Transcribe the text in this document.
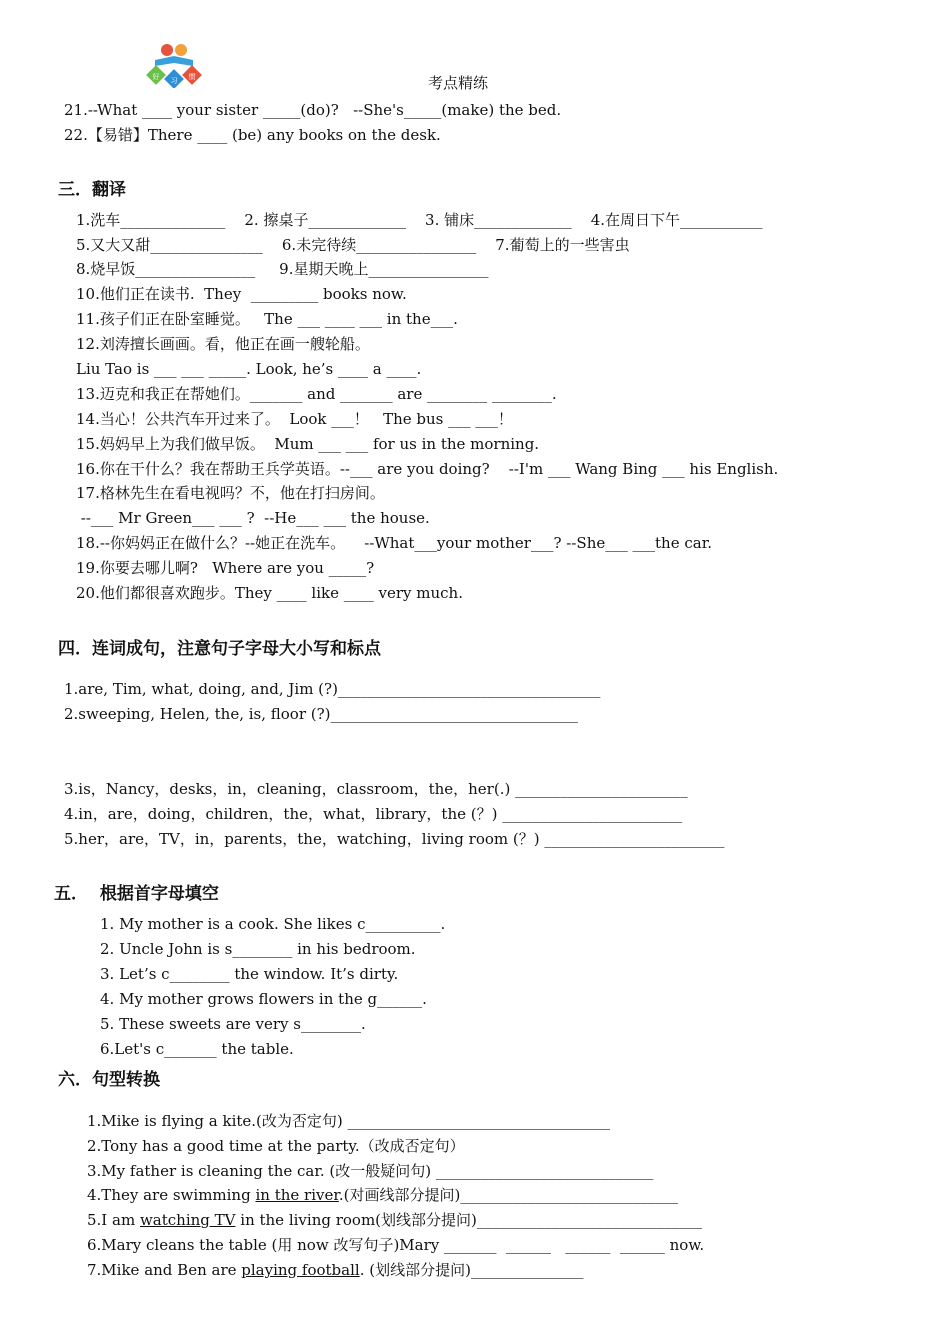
好 习 惯	考点精练
21.--What ____ your sister _____(do)?   --She's_____(make) the bed.
22.【易错】There ____ (be) any books on the desk.
三．翻译
1.洗车______________    2. 擦桌子_____________    3. 铺床_____________    4.在周日下午___________
5.又大又甜_______________    6.未完待续________________    7.葡萄上的一些害虫
8.烧早饭________________     9.星期天晚上________________
10.他们正在读书.  They  _________ books now.
11.孩子们正在卧室睡觉。   The ___ ____ ___ in the___.
12.刘涛擅长画画。看，他正在画一艘轮船。
Liu Tao is ___ ___ _____. Look, he’s ____ a ____.
13.迈克和我正在帮她们。_______ and _______ are ________ ________.
14.当心！公共汽车开过来了。  Look ___！   The bus ___ ___！
15.妈妈早上为我们做早饭。  Mum ___ ___ for us in the morning.
16.你在干什么？我在帮助王兵学英语。--___ are you doing?    --I'm ___ Wang Bing ___ his English.
17.格林先生在看电视吗？不，他在打扫房间。
--___ Mr Green___ ___ ?  --He___ ___ the house.
18.--你妈妈正在做什么？--她正在洗车。    --What___your mother___? --She___ ___the car.
19.你要去哪儿啊?   Where are you _____?
20.他们都很喜欢跑步。They ____ like ____ very much.
四．连词成句，注意句子字母大小写和标点
1.are, Tim, what, doing, and, Jim (?)___________________________________
2.sweeping, Helen, the, is, floor (?)_________________________________
3.is，Nancy，desks，in，cleaning，classroom，the，her(.) _______________________
4.in，are，doing，children，the，what，library，the (？) ________________________
5.her，are，TV，in，parents，the，watching，living room (？) ________________________
五．  根据首字母填空
1. My mother is a cook. She likes c__________.
2. Uncle John is s________ in his bedroom.
3. Let’s c________ the window. It’s dirty.
4. My mother grows flowers in the g______.
5. These sweets are very s________.
6.Let's c_______ the table.
六．句型转换
1.Mike is flying a kite.(改为否定句) ___________________________________
2.Tony has a good time at the party.（改成否定句）
3.My father is cleaning the car. (改一般疑问句) _____________________________
4.They are swimming in the river.(对画线部分提问)_____________________________
5.I am watching TV in the living room(划线部分提问)______________________________
6.Mary cleans the table (用 now 改写句子)Mary _______  ______   ______  ______ now.
7.Mike and Ben are playing football. (划线部分提问)_______________
